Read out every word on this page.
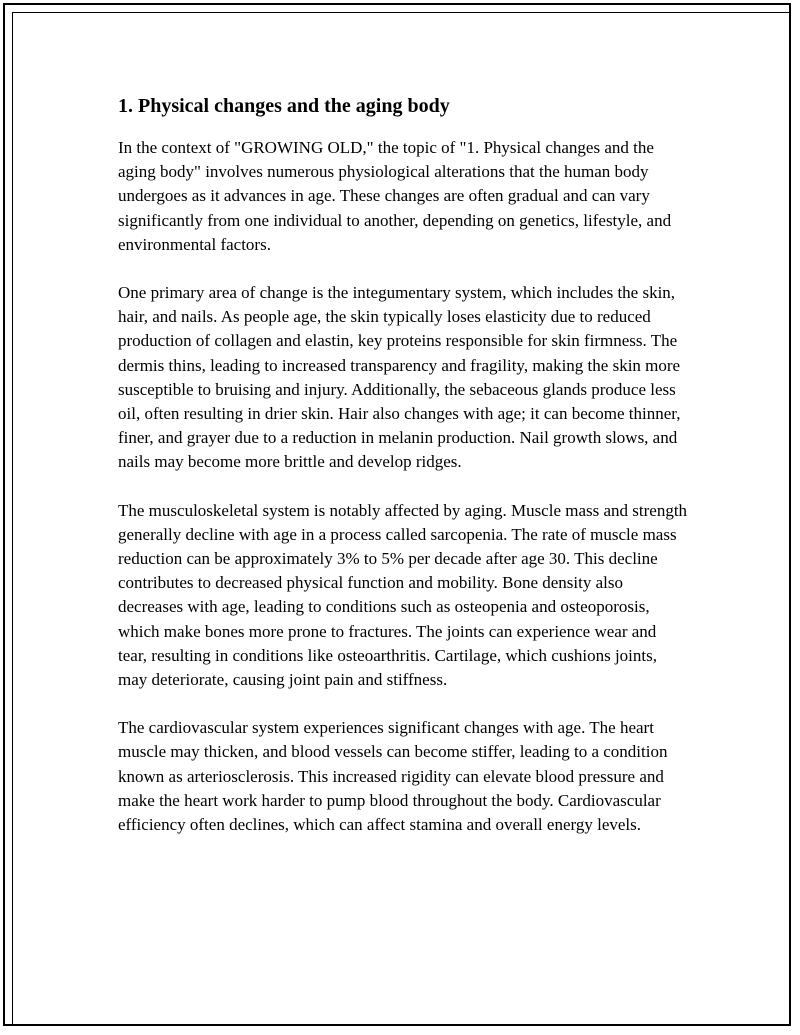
1. Physical changes and the aging body

In the context of "GROWING OLD," the topic of "1. Physical changes and the aging body" involves numerous physiological alterations that the human body undergoes as it advances in age. These changes are often gradual and can vary significantly from one individual to another, depending on genetics, lifestyle, and environmental factors.

One primary area of change is the integumentary system, which includes the skin, hair, and nails. As people age, the skin typically loses elasticity due to reduced production of collagen and elastin, key proteins responsible for skin firmness. The dermis thins, leading to increased transparency and fragility, making the skin more susceptible to bruising and injury. Additionally, the sebaceous glands produce less oil, often resulting in drier skin. Hair also changes with age; it can become thinner, finer, and grayer due to a reduction in melanin production. Nail growth slows, and nails may become more brittle and develop ridges.

The musculoskeletal system is notably affected by aging. Muscle mass and strength generally decline with age in a process called sarcopenia. The rate of muscle mass reduction can be approximately 3% to 5% per decade after age 30. This decline contributes to decreased physical function and mobility. Bone density also decreases with age, leading to conditions such as osteopenia and osteoporosis, which make bones more prone to fractures. The joints can experience wear and tear, resulting in conditions like osteoarthritis. Cartilage, which cushions joints, may deteriorate, causing joint pain and stiffness.

The cardiovascular system experiences significant changes with age. The heart muscle may thicken, and blood vessels can become stiffer, leading to a condition known as arteriosclerosis. This increased rigidity can elevate blood pressure and make the heart work harder to pump blood throughout the body. Cardiovascular efficiency often declines, which can affect stamina and overall energy levels.
